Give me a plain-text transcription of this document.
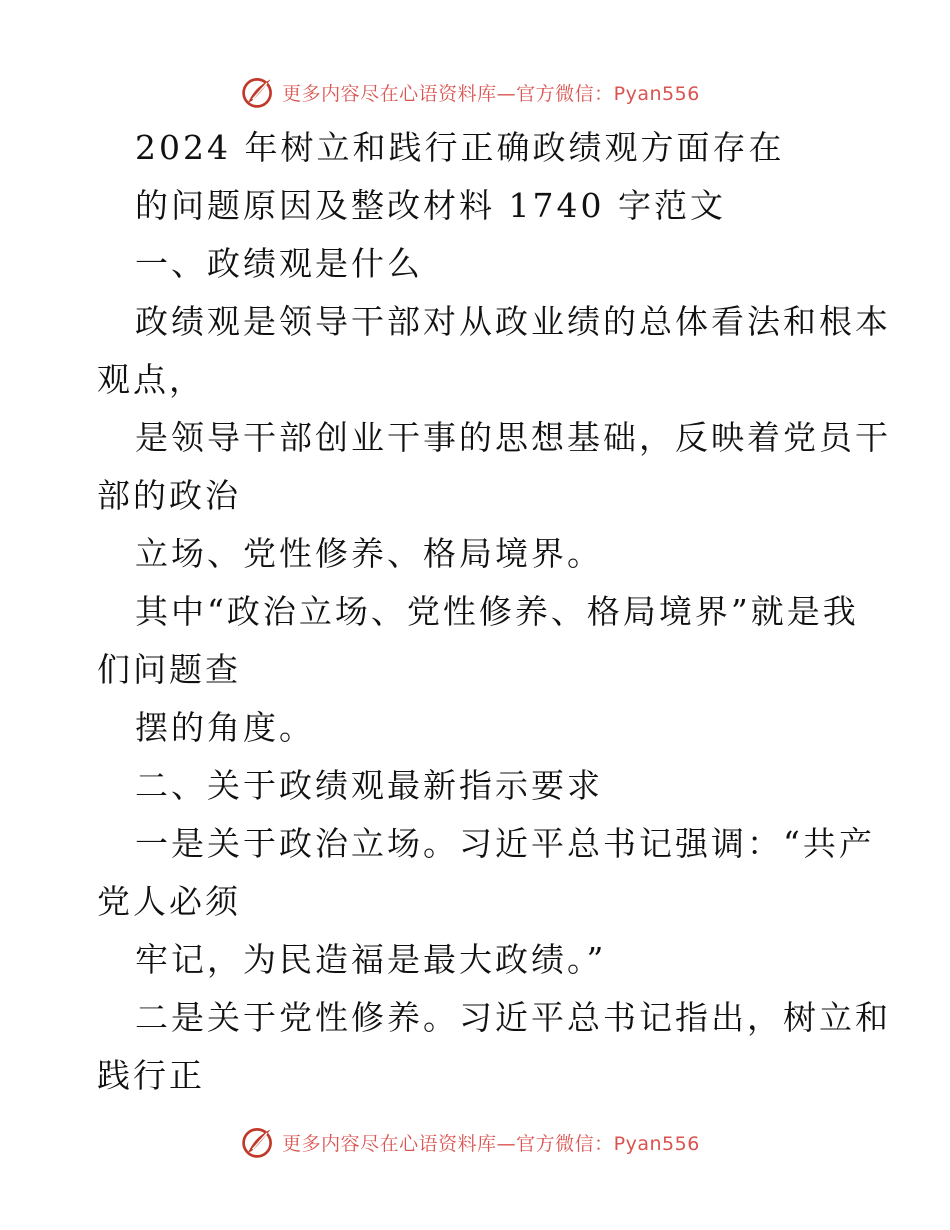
更多内容尽在心语资料库—官方微信：Pyan556
2024 年树立和践行正确政绩观方面存在
的问题原因及整改材料 1740 字范文
一、政绩观是什么
政绩观是领导干部对从政业绩的总体看法和根本
观点，
是领导干部创业干事的思想基础，反映着党员干
部的政治
立场、党性修养、格局境界。
其中“政治立场、党性修养、格局境界”就是我
们问题查
摆的角度。
二、关于政绩观最新指示要求
一是关于政治立场。习近平总书记强调：“共产
党人必须
牢记，为民造福是最大政绩。”
二是关于党性修养。习近平总书记指出，树立和
践行正
更多内容尽在心语资料库—官方微信：Pyan556
